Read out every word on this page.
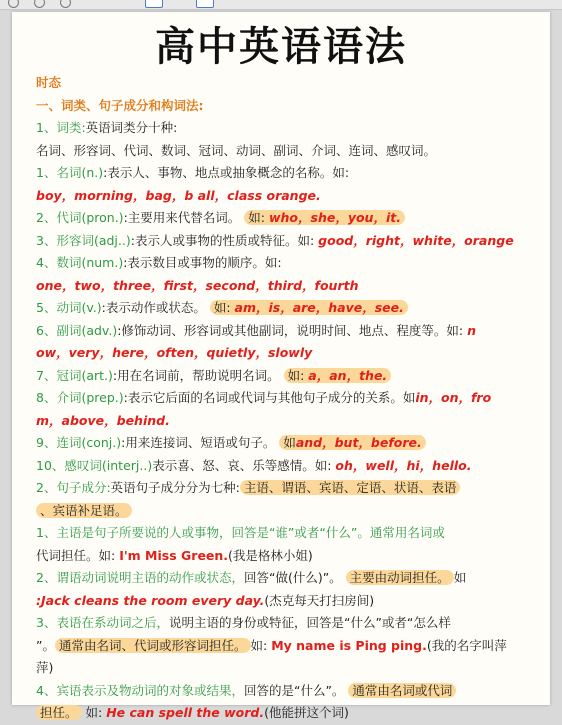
高中英语语法
时态
一、词类、句子成分和构词法:
1、词类:英语词类分十种:
名词、形容词、代词、数词、冠词、动词、副词、介词、连词、感叹词。
1、名词(n.):表示人、事物、地点或抽象概念的名称。如:
boy，morning，bag，b all，class orange.
2、代词(pron.):主要用来代替名词。 如: who，she，you，it.
3、形容词(adj..):表示人或事物的性质或特征。如: good，right，white，orange
4、数词(num.):表示数目或事物的顺序。如:
one，two，three，first，second，third，fourth
5、动词(v.):表示动作或状态。 如: am，is，are，have，see.
6、副词(adv.):修饰动词、形容词或其他副词，说明时间、地点、程度等。如: n
ow，very，here，often，quietly，slowly
7、冠词(art.):用在名词前，帮助说明名词。 如: a，an，the.
8、介词(prep.):表示它后面的名词或代词与其他句子成分的关系。如in，on，fro
m，above，behind.
9、连词(conj.):用来连接词、短语或句子。 如and，but，before.
10、感叹词(interj..)表示喜、怒、哀、乐等感情。如: oh，well，hi，hello.
2、句子成分:英语句子成分分为七种: 主语、谓语、宾语、定语、状语、表语
、宾语补足语。
1、主语是句子所要说的人或事物，回答是“谁”或者“什么”。通常用名词或
代词担任。如: I'm Miss Green.(我是格林小姐)
2、谓语动词说明主语的动作或状态，回答“做(什么)”。 主要由动词担任。 如
:Jack cleans the room every day.(杰克每天打扫房间)
3、表语在系动词之后，说明主语的身份或特征，回答是“什么”或者“怎么样
”。 通常由名词、代词或形容词担任。 如: My name is Ping ping.(我的名字叫萍
萍)
4、宾语表示及物动词的对象或结果，回答的是“什么”。 通常由名词或代词
担任。 如: He can spell the word.(他能拼这个词)
